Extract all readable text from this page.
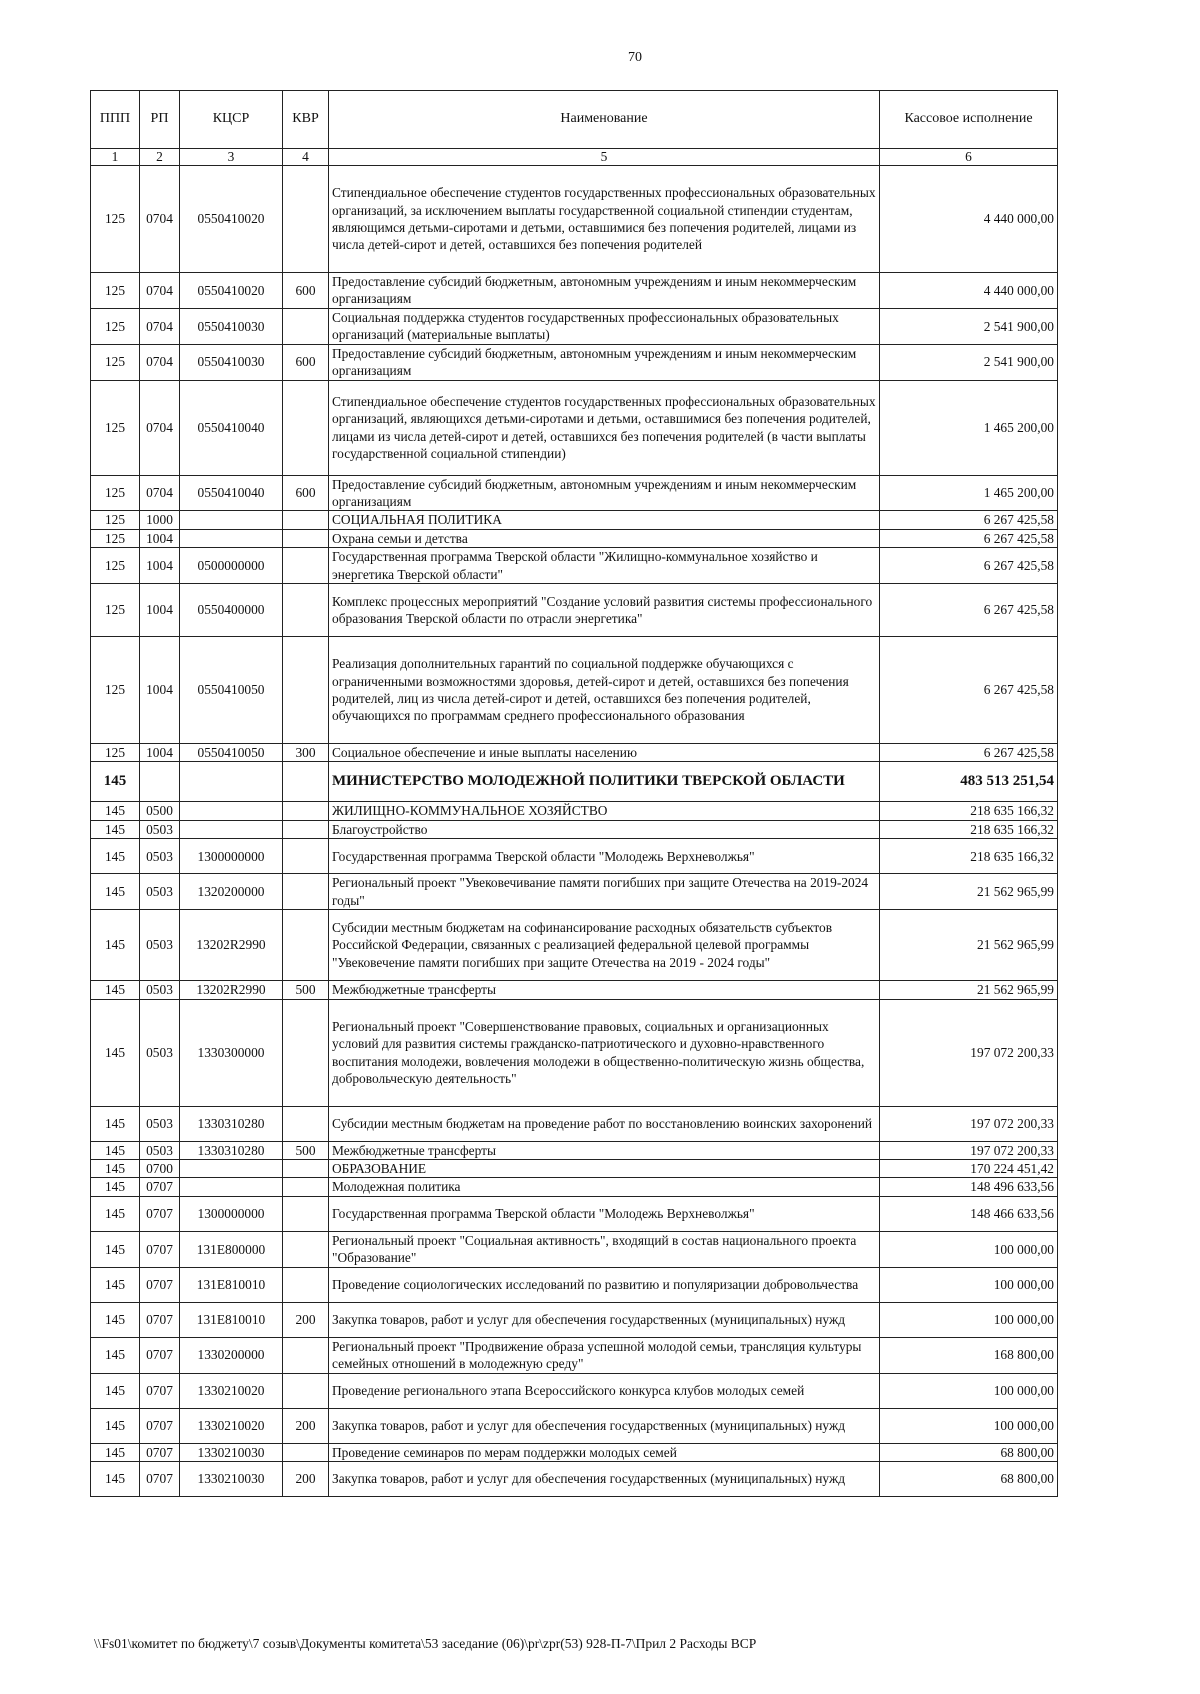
70
ППП	РП	КЦСР	КВР	Наименование	Кассовое исполнение
1	2	3	4	5	6
125	0704	0550410020		Стипендиальное обеспечение студентов государственных профессиональных образовательных организаций, за исключением выплаты государственной социальной стипендии студентам, являющимся детьми-сиротами и детьми, оставшимися без попечения родителей, лицами из числа детей-сирот и детей, оставшихся без попечения родителей	4 440 000,00
125	0704	0550410020	600	Предоставление субсидий бюджетным, автономным учреждениям и иным некоммерческим организациям	4 440 000,00
125	0704	0550410030		Социальная поддержка студентов государственных профессиональных образовательных организаций (материальные выплаты)	2 541 900,00
125	0704	0550410030	600	Предоставление субсидий бюджетным, автономным учреждениям и иным некоммерческим организациям	2 541 900,00
125	0704	0550410040		Стипендиальное обеспечение студентов государственных профессиональных образовательных организаций, являющихся детьми-сиротами и детьми, оставшимися без попечения родителей, лицами из числа детей-сирот и детей, оставшихся без попечения родителей (в части выплаты государственной социальной стипендии)	1 465 200,00
125	0704	0550410040	600	Предоставление субсидий бюджетным, автономным учреждениям и иным некоммерческим организациям	1 465 200,00
125	1000			СОЦИАЛЬНАЯ ПОЛИТИКА	6 267 425,58
125	1004			Охрана семьи и детства	6 267 425,58
125	1004	0500000000		Государственная программа Тверской области "Жилищно-коммунальное хозяйство и энергетика Тверской области"	6 267 425,58
125	1004	0550400000		Комплекс процессных мероприятий "Создание условий развития системы профессионального образования Тверской области по отрасли энергетика"	6 267 425,58
125	1004	0550410050		Реализация дополнительных гарантий по социальной поддержке обучающихся с ограниченными возможностями здоровья, детей-сирот и детей, оставшихся без попечения родителей, лиц из числа детей-сирот и детей, оставшихся без попечения родителей, обучающихся по программам среднего профессионального образования	6 267 425,58
125	1004	0550410050	300	Социальное обеспечение и иные выплаты населению	6 267 425,58
145				МИНИСТЕРСТВО МОЛОДЕЖНОЙ ПОЛИТИКИ ТВЕРСКОЙ ОБЛАСТИ	483 513 251,54
145	0500			ЖИЛИЩНО-КОММУНАЛЬНОЕ ХОЗЯЙСТВО	218 635 166,32
145	0503			Благоустройство	218 635 166,32
145	0503	1300000000		Государственная программа Тверской области "Молодежь Верхневолжья"	218 635 166,32
145	0503	1320200000		Региональный проект "Увековечивание памяти погибших при защите Отечества на 2019-2024 годы"	21 562 965,99
145	0503	13202R2990		Субсидии местным бюджетам на софинансирование расходных обязательств субъектов Российской Федерации, связанных с реализацией федеральной целевой программы "Увековечение памяти погибших при защите Отечества на 2019 - 2024 годы"	21 562 965,99
145	0503	13202R2990	500	Межбюджетные трансферты	21 562 965,99
145	0503	1330300000		Региональный проект "Совершенствование правовых, социальных и организационных условий для развития системы гражданско-патриотического и духовно-нравственного воспитания молодежи, вовлечения молодежи в общественно-политическую жизнь общества, добровольческую деятельность"	197 072 200,33
145	0503	1330310280		Субсидии местным бюджетам на проведение работ по восстановлению воинских захоронений	197 072 200,33
145	0503	1330310280	500	Межбюджетные трансферты	197 072 200,33
145	0700			ОБРАЗОВАНИЕ	170 224 451,42
145	0707			Молодежная политика	148 496 633,56
145	0707	1300000000		Государственная программа Тверской области "Молодежь Верхневолжья"	148 466 633,56
145	0707	131E800000		Региональный проект "Социальная активность", входящий в состав национального проекта "Образование"	100 000,00
145	0707	131E810010		Проведение социологических исследований по развитию и популяризации добровольчества	100 000,00
145	0707	131E810010	200	Закупка товаров, работ и услуг для обеспечения государственных (муниципальных) нужд	100 000,00
145	0707	1330200000		Региональный проект "Продвижение образа успешной молодой семьи, трансляция культуры семейных отношений в молодежную среду"	168 800,00
145	0707	1330210020		Проведение регионального этапа Всероссийского конкурса клубов молодых семей	100 000,00
145	0707	1330210020	200	Закупка товаров, работ и услуг для обеспечения государственных (муниципальных) нужд	100 000,00
145	0707	1330210030		Проведение семинаров по мерам поддержки молодых семей	68 800,00
145	0707	1330210030	200	Закупка товаров, работ и услуг для обеспечения государственных (муниципальных) нужд	68 800,00
\\Fs01\комитет по бюджету\7 созыв\Документы комитета\53 заседание (06)\pr\zpr(53) 928-П-7\Прил 2 Расходы ВСР
